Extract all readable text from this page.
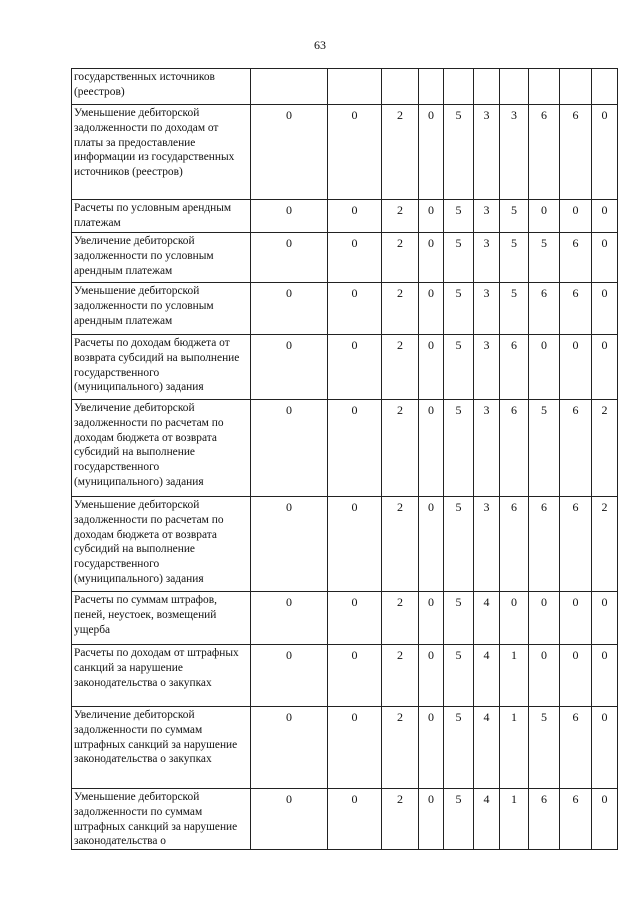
63
государственных источников (реестров)										
Уменьшение дебиторской задолженности по доходам от платы за предоставление информации из государственных источников (реестров)	0	0	2	0	5	3	3	6	6	0
Расчеты по условным арендным платежам	0	0	2	0	5	3	5	0	0	0
Увеличение дебиторской задолженности по условным арендным платежам	0	0	2	0	5	3	5	5	6	0
Уменьшение дебиторской задолженности по условным арендным платежам	0	0	2	0	5	3	5	6	6	0
Расчеты по доходам бюджета от возврата субсидий на выполнение государственного (муниципального) задания	0	0	2	0	5	3	6	0	0	0
Увеличение дебиторской задолженности по расчетам по доходам бюджета от возврата субсидий на выполнение государственного (муниципального) задания	0	0	2	0	5	3	6	5	6	2
Уменьшение дебиторской задолженности по расчетам по доходам бюджета от возврата субсидий на выполнение государственного (муниципального) задания	0	0	2	0	5	3	6	6	6	2
Расчеты по суммам штрафов, пеней, неустоек, возмещений ущерба	0	0	2	0	5	4	0	0	0	0
Расчеты по доходам от штрафных санкций за нарушение законодательства о закупках	0	0	2	0	5	4	1	0	0	0
Увеличение дебиторской задолженности по суммам штрафных санкций за нарушение законодательства о закупках	0	0	2	0	5	4	1	5	6	0
Уменьшение дебиторской задолженности по суммам штрафных санкций за нарушение законодательства о	0	0	2	0	5	4	1	6	6	0
